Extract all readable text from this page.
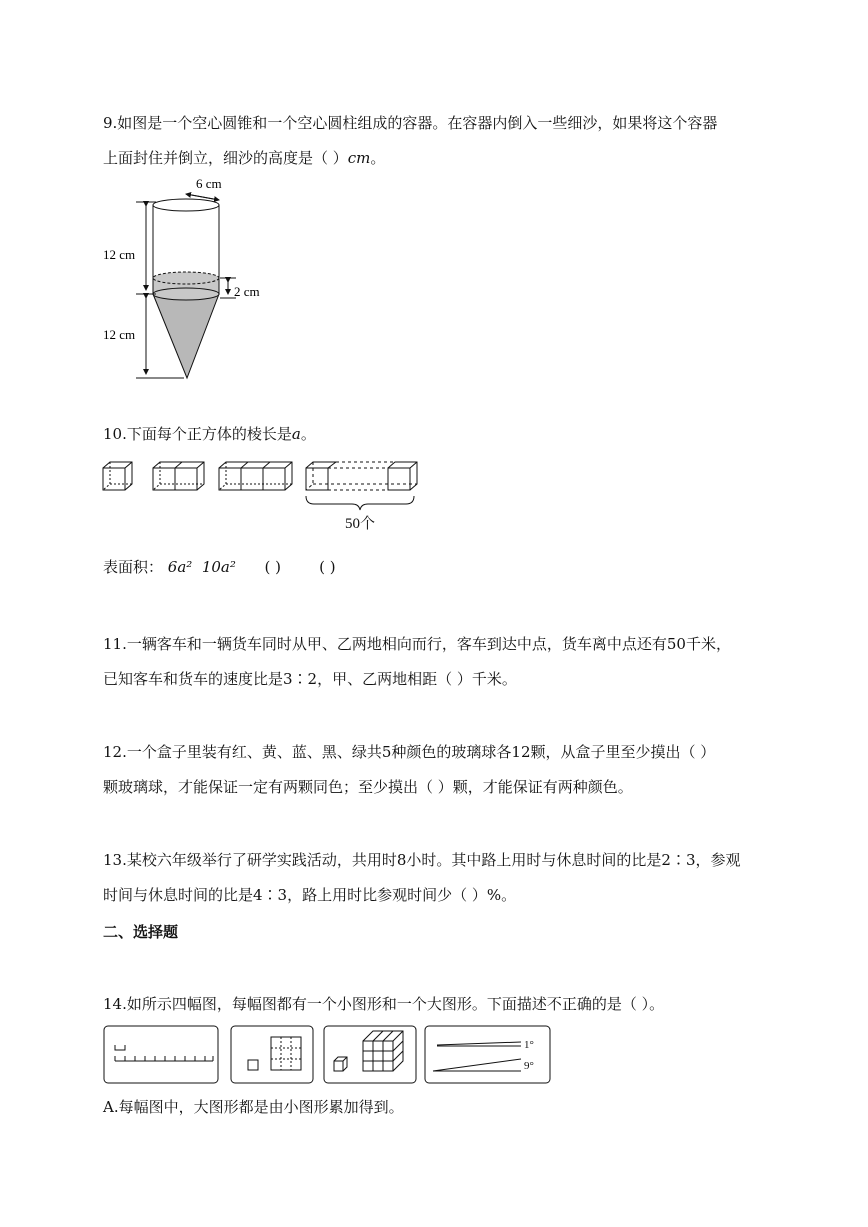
9.如图是一个空心圆锥和一个空心圆柱组成的容器。在容器内倒入一些细沙，如果将这个容器
上面封住并倒立，细沙的高度是（ ）cm。
6 cm
12 cm
12 cm
2 cm
10.下面每个正方体的棱长是a。
50个
表面积： 6a² 10a² ( )	( )
11.一辆客车和一辆货车同时从甲、乙两地相向而行，客车到达中点，货车离中点还有50千米，
已知客车和货车的速度比是3∶2，甲、乙两地相距（ ）千米。
12.一个盒子里装有红、黄、蓝、黑、绿共5种颜色的玻璃球各12颗，从盒子里至少摸出（ ）
颗玻璃球，才能保证一定有两颗同色；至少摸出（ ）颗，才能保证有两种颜色。
13.某校六年级举行了研学实践活动，共用时8小时。其中路上用时与休息时间的比是2∶3，参观
时间与休息时间的比是4∶3，路上用时比参观时间少（ ）%。
二、选择题
14.如所示四幅图，每幅图都有一个小图形和一个大图形。下面描述不正确的是（ ）。
1°
9°
A.每幅图中，大图形都是由小图形累加得到。
